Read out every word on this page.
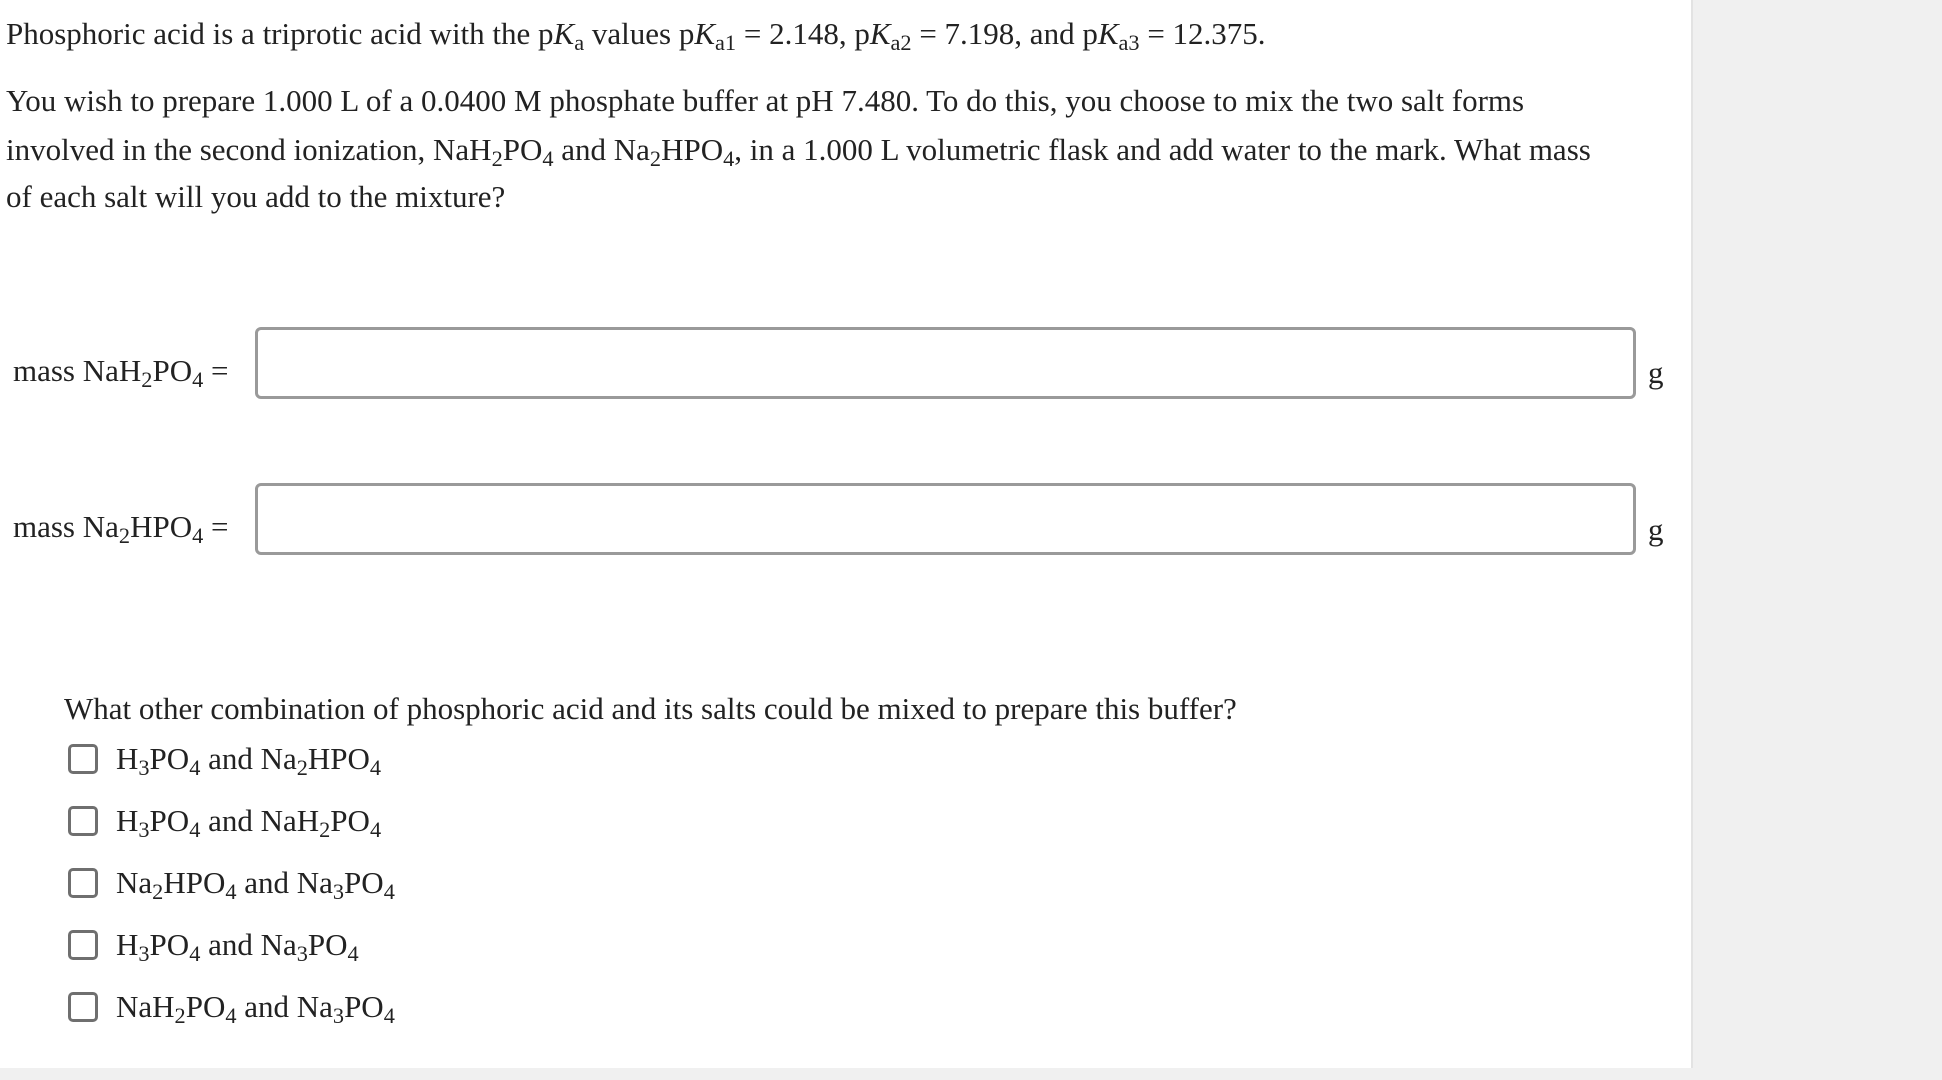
Phosphoric acid is a triprotic acid with the $pK_a$ values $pK_{a1} = 2.148$, $pK_{a2} = 7.198$, and $pK_{a3} = 12.375$.

You wish to prepare 1.000 L of a 0.0400 M phosphate buffer at pH 7.480. To do this, you choose to mix the two salt forms

involved in the second ionization, $NaH_2PO_4$ and $Na_2HPO_4$, in a 1.000 L volumetric flask and add water to the mark. What mass

of each salt will you add to the mixture?

mass $NaH_2PO_4$ =	g
mass $Na_2HPO_4$ =	g
What other combination of phosphoric acid and its salts could be mixed to prepare this buffer?
$H_3PO_4$ and $Na_2HPO_4$
$H_3PO_4$ and $NaH_2PO_4$
$Na_2HPO_4$ and $Na_3PO_4$
$H_3PO_4$ and $Na_3PO_4$
$NaH_2PO_4$ and $Na_3PO_4$
